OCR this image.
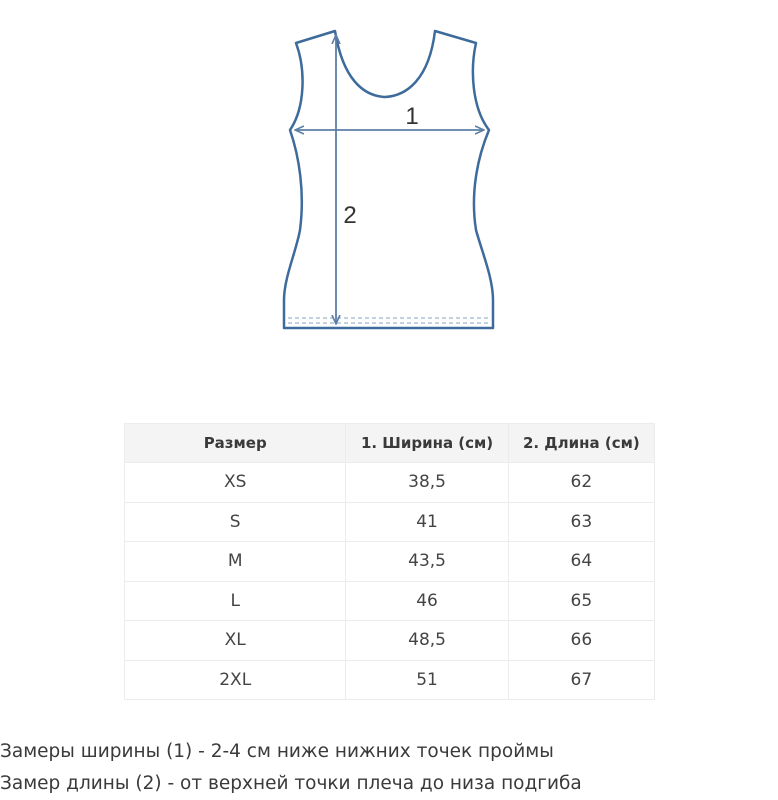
1
2
Размер	1. Ширина (см)	2. Длина (см)
XS	38,5	62
S	41	63
M	43,5	64
L	46	65
XL	48,5	66
2XL	51	67

Замеры ширины (1) - 2-4 см ниже нижних точек проймы

Замер длины (2) - от верхней точки плеча до низа подгиба
